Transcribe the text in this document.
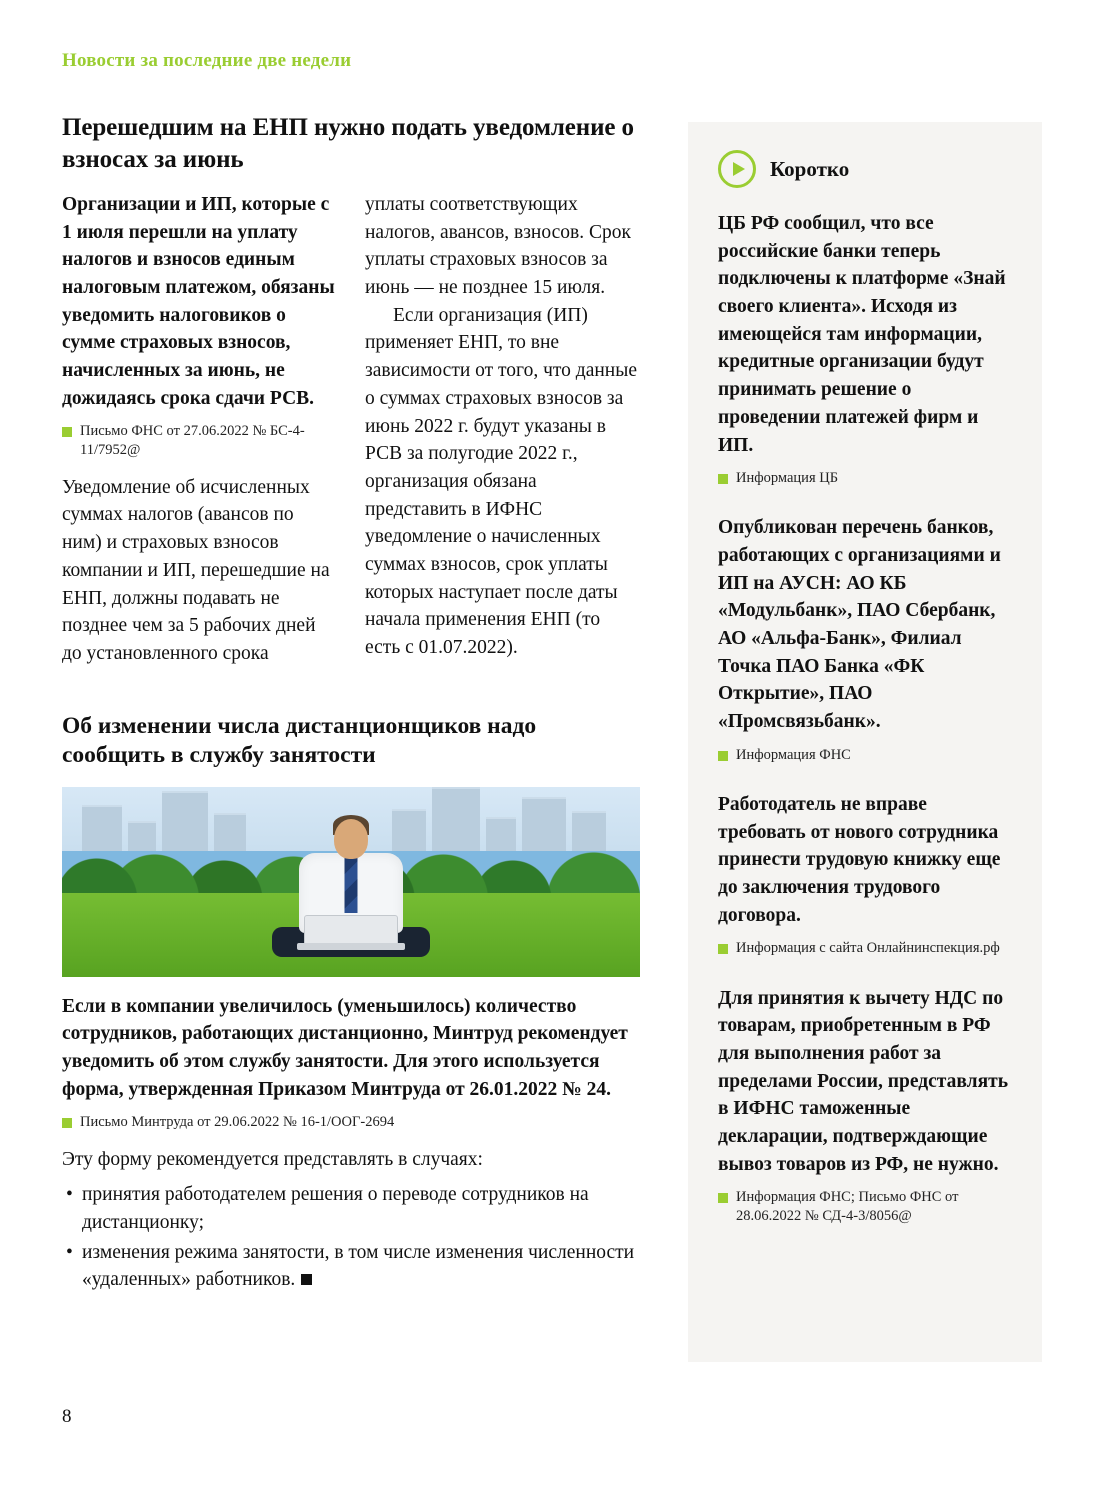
Новости за последние две недели
Перешедшим на ЕНП нужно подать уведомление о взносах за июнь

Организации и ИП, которые с 1 июля перешли на уплату налогов и взносов единым налоговым платежом, обязаны уведомить налоговиков о сумме страховых взносов, начисленных за июнь, не дожидаясь срока сдачи РСВ.

Письмо ФНС от 27.06.2022 № БС-4-11/7952@

Уведомление об исчисленных суммах налогов (авансов по ним) и страховых взносов компании и ИП, перешедшие на ЕНП, должны подавать не позднее чем за 5 рабочих дней до установленного срока

уплаты соответствующих налогов, авансов, взносов. Срок уплаты страховых взносов за июнь — не позднее 15 июля.

Если организация (ИП) применяет ЕНП, то вне зависимости от того, что данные о суммах страховых взносов за июнь 2022 г. будут указаны в РСВ за полугодие 2022 г., организация обязана представить в ИФНС уведомление о начисленных суммах взносов, срок уплаты которых наступает после даты начала применения ЕНП (то есть с 01.07.2022).

Об изменении числа дистанционщиков надо сообщить в службу занятости

Если в компании увеличилось (уменьшилось) количество сотрудников, работающих дистанционно, Минтруд рекомендует уведомить об этом службу занятости. Для этого используется форма, утвержденная Приказом Минтруда от 26.01.2022 № 24.

Письмо Минтруда от 29.06.2022 № 16-1/ООГ-2694

Эту форму рекомендуется представлять в случаях:

• принятия работодателем решения о переводе сотрудников на дистанционку;
• изменения режима занятости, в том числе изменения численности «удаленных» работников.
Коротко

ЦБ РФ сообщил, что все российские банки теперь подключены к платформе «Знай своего клиента». Исходя из имеющейся там информации, кредитные организации будут принимать решение о проведении платежей фирм и ИП.

Информация ЦБ

Опубликован перечень банков, работающих с организациями и ИП на АУСН: АО КБ «Модульбанк», ПАО Сбербанк, АО «Альфа-Банк», Филиал Точка ПАО Банка «ФК Открытие», ПАО «Промсвязьбанк».

Информация ФНС

Работодатель не вправе требовать от нового сотрудника принести трудовую книжку еще до заключения трудового договора.

Информация с сайта Онлайнинспекция.рф

Для принятия к вычету НДС по товарам, приобретенным в РФ для выполнения работ за пределами России, представлять в ИФНС таможенные декларации, подтверждающие вывоз товаров из РФ, не нужно.

Информация ФНС; Письмо ФНС от 28.06.2022 № СД-4-3/8056@
8
